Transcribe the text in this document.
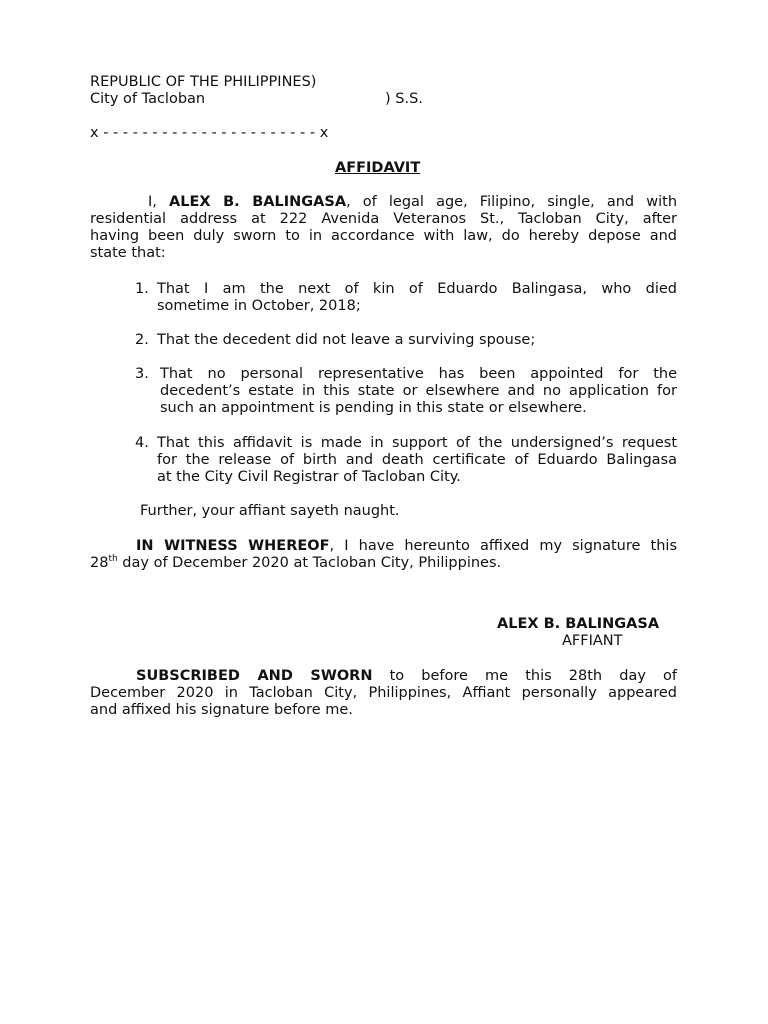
REPUBLIC OF THE PHILIPPINES)
City of Tacloban	) S.S.
x - - - - - - - - - - - - - - - - - - - - - - x
AFFIDAVIT
I, ALEX B. BALINGASA, of legal age, Filipino, single, and with
residential address at 222 Avenida Veteranos St., Tacloban City, after
having been duly sworn to in accordance with law, do hereby depose and
state that:
1. That I am the next of kin of Eduardo Balingasa, who died
sometime in October, 2018;
2. That the decedent did not leave a surviving spouse;
3. That no personal representative has been appointed for the
decedent’s estate in this state or elsewhere and no application for
such an appointment is pending in this state or elsewhere.
4. That this affidavit is made in support of the undersigned’s request
for the release of birth and death certificate of Eduardo Balingasa
at the City Civil Registrar of Tacloban City.
Further, your affiant sayeth naught.
IN WITNESS WHEREOF, I have hereunto affixed my signature this
28th day of December 2020 at Tacloban City, Philippines.
ALEX B. BALINGASA
AFFIANT
SUBSCRIBED AND SWORN to before me this 28th day of
December 2020 in Tacloban City, Philippines, Affiant personally appeared
and affixed his signature before me.
